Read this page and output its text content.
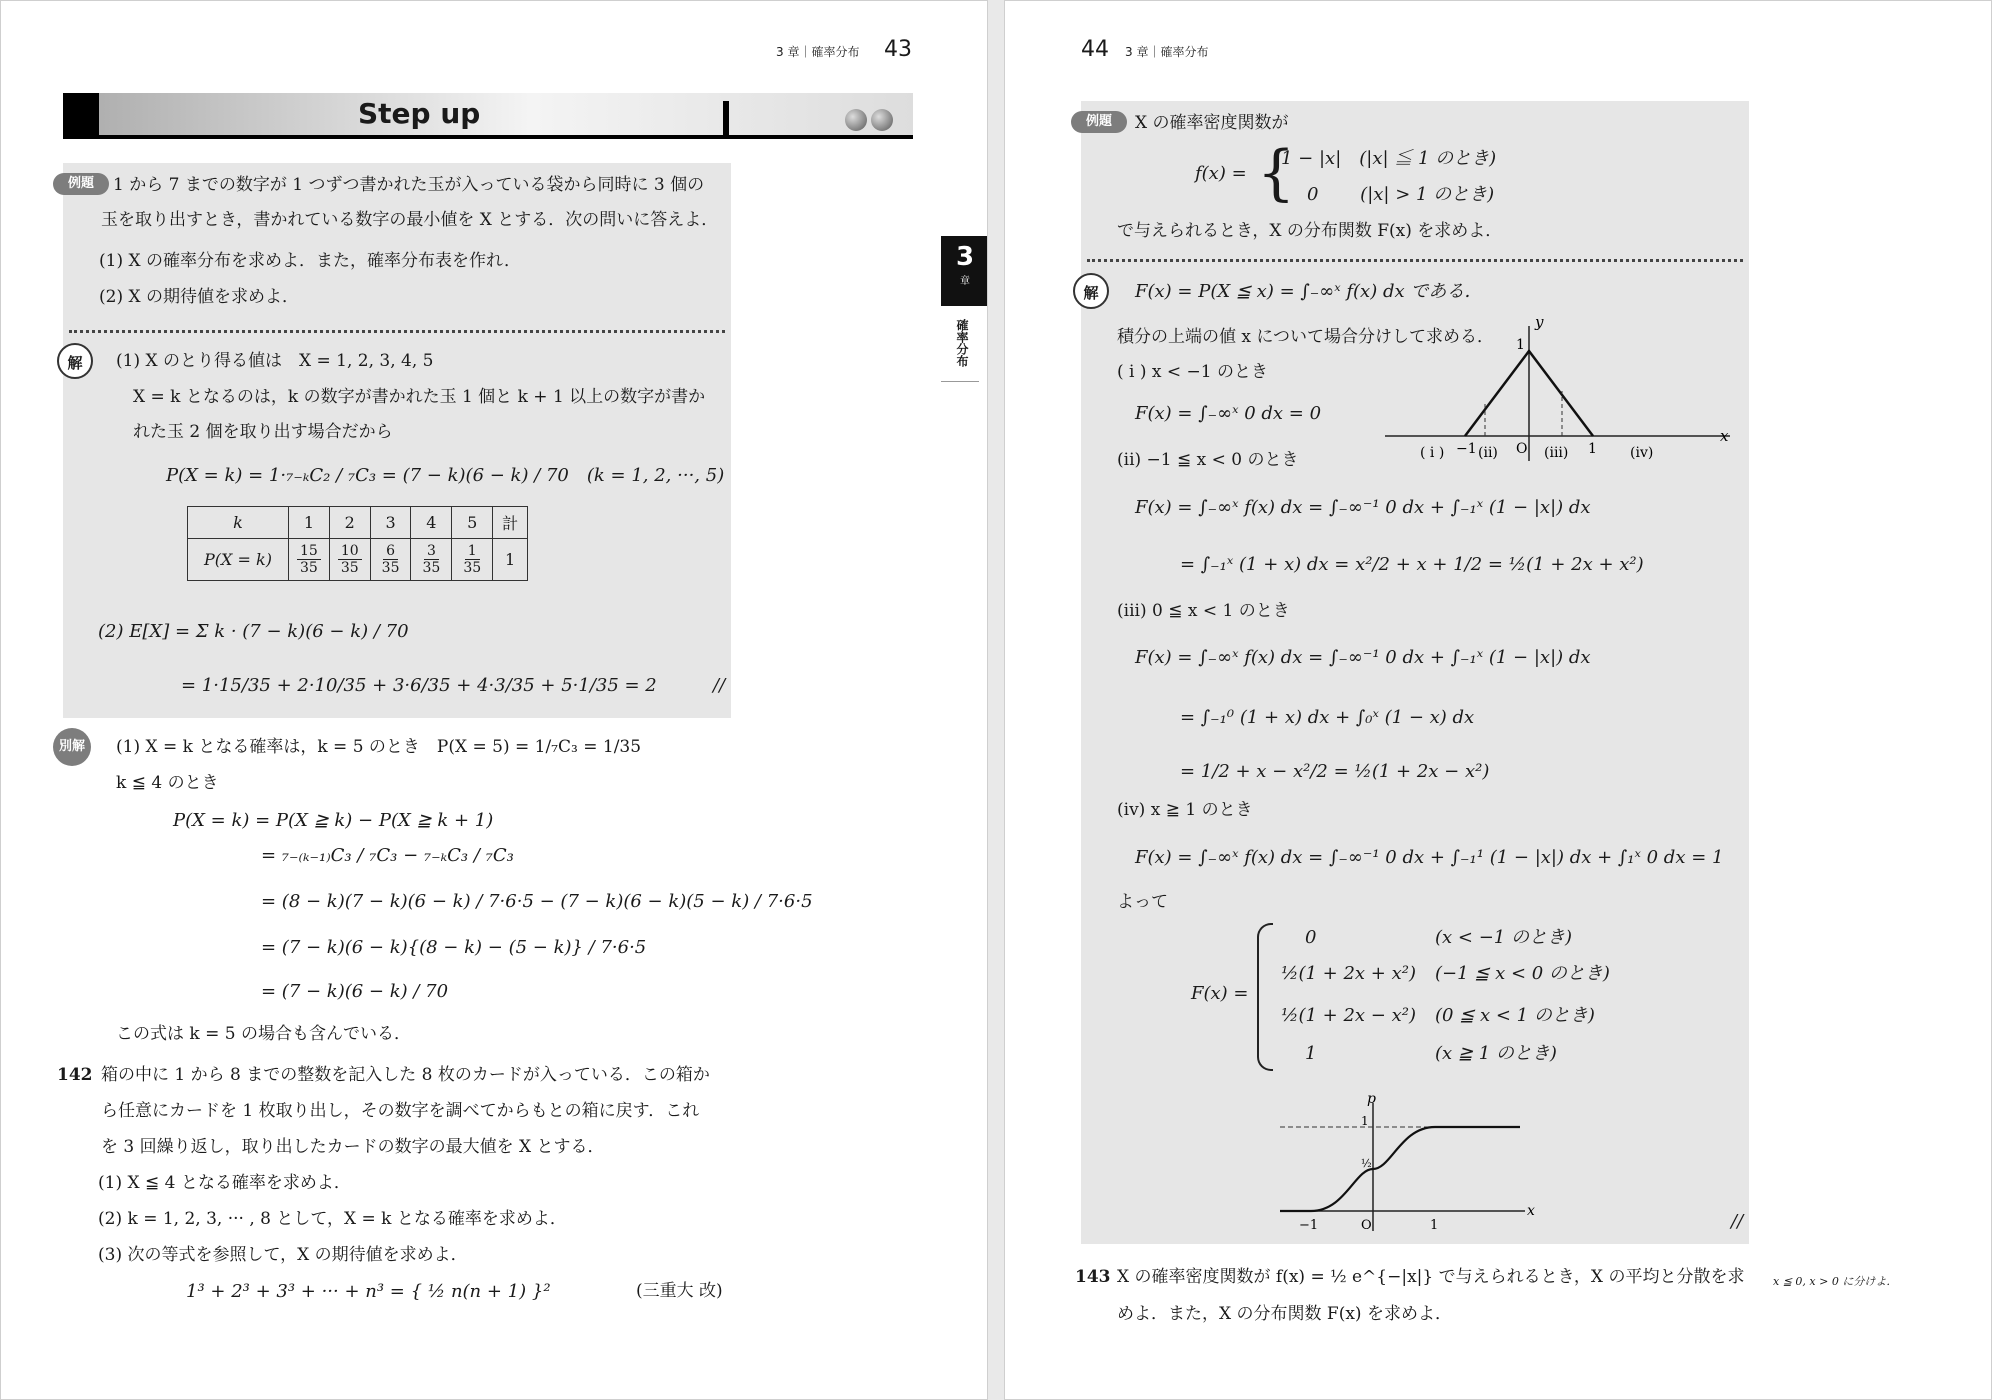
3 章｜確率分布 43
Step up
例題	1 から 7 までの数字が 1 つずつ書かれた玉が入っている袋から同時に 3 個の
玉を取り出すとき，書かれている数字の最小値を X とする．次の問いに答えよ．
(1) X の確率分布を求めよ．また，確率分布表を作れ．
(2) X の期待値を求めよ．
解	(1) X のとり得る値は　X = 1, 2, 3, 4, 5
X = k となるのは，k の数字が書かれた玉 1 個と k + 1 以上の数字が書か
れた玉 2 個を取り出す場合だから
P(X = k) = 1·₇₋ₖC₂ / ₇C₃ = (7 − k)(6 − k) / 70　(k = 1, 2, ···, 5)
k	1	2	3	4	5	計
P(X = k)	$\frac{15}{35}$	$\frac{10}{35}$	$\frac{6}{35}$	$\frac{3}{35}$	$\frac{1}{35}$	1
(2) E[X] = Σ k · (7 − k)(6 − k) / 70
= 1·15/35 + 2·10/35 + 3·6/35 + 4·3/35 + 5·1/35 = 2	//
別解	(1) X = k となる確率は，k = 5 のとき　P(X = 5) = 1/₇C₃ = 1/35
k ≦ 4 のとき
P(X = k) = P(X ≧ k) − P(X ≧ k + 1)
= ₇₋₍ₖ₋₁₎C₃ / ₇C₃ − ₇₋ₖC₃ / ₇C₃
= (8 − k)(7 − k)(6 − k) / 7·6·5 − (7 − k)(6 − k)(5 − k) / 7·6·5
= (7 − k)(6 − k){(8 − k) − (5 − k)} / 7·6·5
= (7 − k)(6 − k) / 70
この式は k = 5 の場合も含んでいる．
142 箱の中に 1 から 8 までの整数を記入した 8 枚のカードが入っている．この箱か
ら任意にカードを 1 枚取り出し，その数字を調べてからもとの箱に戻す．これ
を 3 回繰り返し，取り出したカードの数字の最大値を X とする．
(1) X ≦ 4 となる確率を求めよ．
(2) k = 1, 2, 3, ··· , 8 として，X = k となる確率を求めよ．
(3) 次の等式を参照して，X の期待値を求めよ．
1³ + 2³ + 3³ + ··· + n³ = { ½ n(n + 1) }²	(三重大 改)
3
章
確率分布
44 3 章｜確率分布
例題	X の確率密度関数が
f(x) = {
1 − |x|　(|x| ≦ 1 のとき)
0　　 (|x| > 1 のとき)
で与えられるとき，X の分布関数 F(x) を求めよ．
解	F(x) = P(X ≦ x) = ∫₋∞ˣ f(x) dx である．
積分の上端の値 x について場合分けして求める．
( i ) x < −1 のとき
F(x) = ∫₋∞ˣ 0 dx = 0
(ii) −1 ≦ x < 0 のとき
F(x) = ∫₋∞ˣ f(x) dx = ∫₋∞⁻¹ 0 dx + ∫₋₁ˣ (1 − |x|) dx
= ∫₋₁ˣ (1 + x) dx = x²/2 + x + 1/2 = ½(1 + 2x + x²)
(iii) 0 ≦ x < 1 のとき
F(x) = ∫₋∞ˣ f(x) dx = ∫₋∞⁻¹ 0 dx + ∫₋₁ˣ (1 − |x|) dx
= ∫₋₁⁰ (1 + x) dx + ∫₀ˣ (1 − x) dx
= 1/2 + x − x²/2 = ½(1 + 2x − x²)
(iv) x ≧ 1 のとき
F(x) = ∫₋∞ˣ f(x) dx = ∫₋∞⁻¹ 0 dx + ∫₋₁¹ (1 − |x|) dx + ∫₁ˣ 0 dx = 1
よって
F(x) =
0	(x < −1 のとき)
½(1 + 2x + x²) (−1 ≦ x < 0 のとき)
½(1 + 2x − x²) (0 ≦ x < 1 のとき)
1	(x ≧ 1 のとき)
y
x
1
−1	O	1
( i ) (ii)	(iii)	(iv)
p
x
1
½
−1	O	1	//
143 X の確率密度関数が f(x) = ½ e^{−|x|} で与えられるとき，X の平均と分散を求
めよ．また，X の分布関数 F(x) を求めよ．
x ≦ 0, x > 0 に分けよ．
